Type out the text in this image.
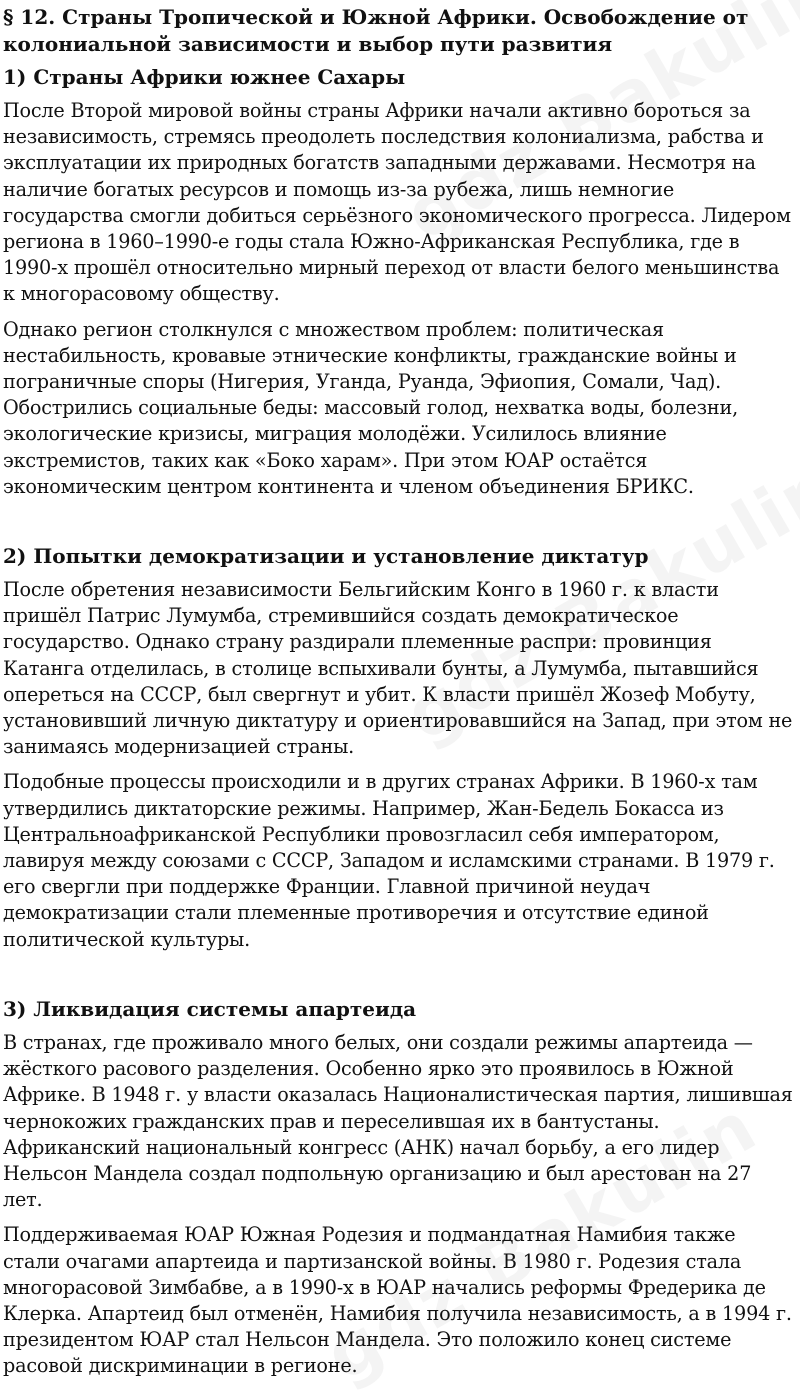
§ 12. Страны Тропической и Южной Африки. Освобождение от колониальной зависимости и выбор пути развития
1) Страны Африки южнее Сахары

После Второй мировой войны страны Африки начали активно бороться за независимость, стремясь преодолеть последствия колониализма, рабства и эксплуатации их природных богатств западными державами. Несмотря на наличие богатых ресурсов и помощь из-за рубежа, лишь немногие государства смогли добиться серьёзного экономического прогресса. Лидером региона в 1960–1990-е годы стала Южно-Африканская Республика, где в 1990-х прошёл относительно мирный переход от власти белого меньшинства к многорасовому обществу.

Однако регион столкнулся с множеством проблем: политическая нестабильность, кровавые этнические конфликты, гражданские войны и пограничные споры (Нигерия, Уганда, Руанда, Эфиопия, Сомали, Чад). Обострились социальные беды: массовый голод, нехватка воды, болезни, экологические кризисы, миграция молодёжи. Усилилось влияние экстремистов, таких как «Боко харам». При этом ЮАР остаётся экономическим центром континента и членом объединения БРИКС.

2) Попытки демократизации и установление диктатур

После обретения независимости Бельгийским Конго в 1960 г. к власти пришёл Патрис Лумумба, стремившийся создать демократическое государство. Однако страну раздирали племенные распри: провинция Катанга отделилась, в столице вспыхивали бунты, а Лумумба, пытавшийся опереться на СССР, был свергнут и убит. К власти пришёл Жозеф Мобуту, установивший личную диктатуру и ориентировавшийся на Запад, при этом не занимаясь модернизацией страны.

Подобные процессы происходили и в других странах Африки. В 1960-х там утвердились диктаторские режимы. Например, Жан-Бедель Бокасса из Центральноафриканской Республики провозгласил себя императором, лавируя между союзами с СССР, Западом и исламскими странами. В 1979 г. его свергли при поддержке Франции. Главной причиной неудач демократизации стали племенные противоречия и отсутствие единой политической культуры.

3) Ликвидация системы апартеида

В странах, где проживало много белых, они создали режимы апартеида — жёсткого расового разделения. Особенно ярко это проявилось в Южной Африке. В 1948 г. у власти оказалась Националистическая партия, лишившая чернокожих гражданских прав и переселившая их в бантустаны. Африканский национальный конгресс (АНК) начал борьбу, а его лидер Нельсон Мандела создал подпольную организацию и был арестован на 27 лет.

Поддерживаемая ЮАР Южная Родезия и подмандатная Намибия также стали очагами апартеида и партизанской войны. В 1980 г. Родезия стала многорасовой Зимбабве, а в 1990-х в ЮАР начались реформы Фредерика де Клерка. Апартеид был отменён, Намибия получила независимость, а в 1994 г. президентом ЮАР стал Нельсон Мандела. Это положило конец системе расовой дискриминации в регионе.
